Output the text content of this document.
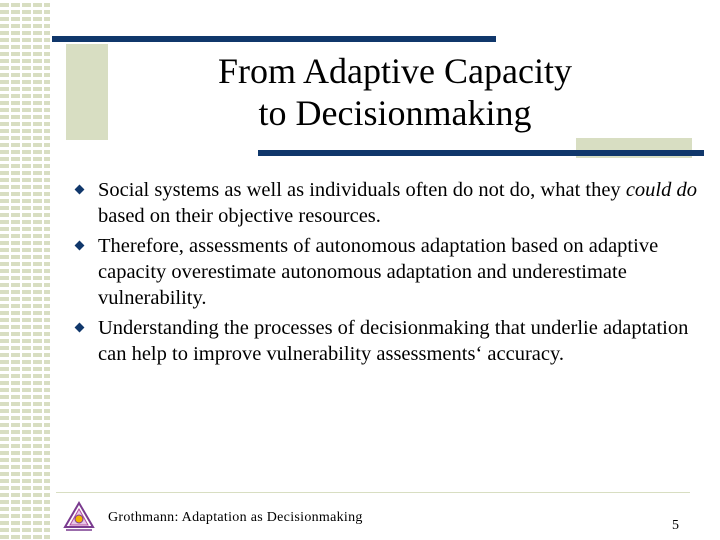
From Adaptive Capacity
to Decisionmaking
Social systems as well as individuals often do not do, what they could do based on their objective resources.
Therefore, assessments of autonomous adaptation based on adaptive capacity overestimate autonomous adaptation and underestimate vulnerability.
Understanding the processes of decisionmaking that underlie adaptation can help to improve vulnerability assessments‘ accuracy.
Grothmann: Adaptation as Decisionmaking
5
